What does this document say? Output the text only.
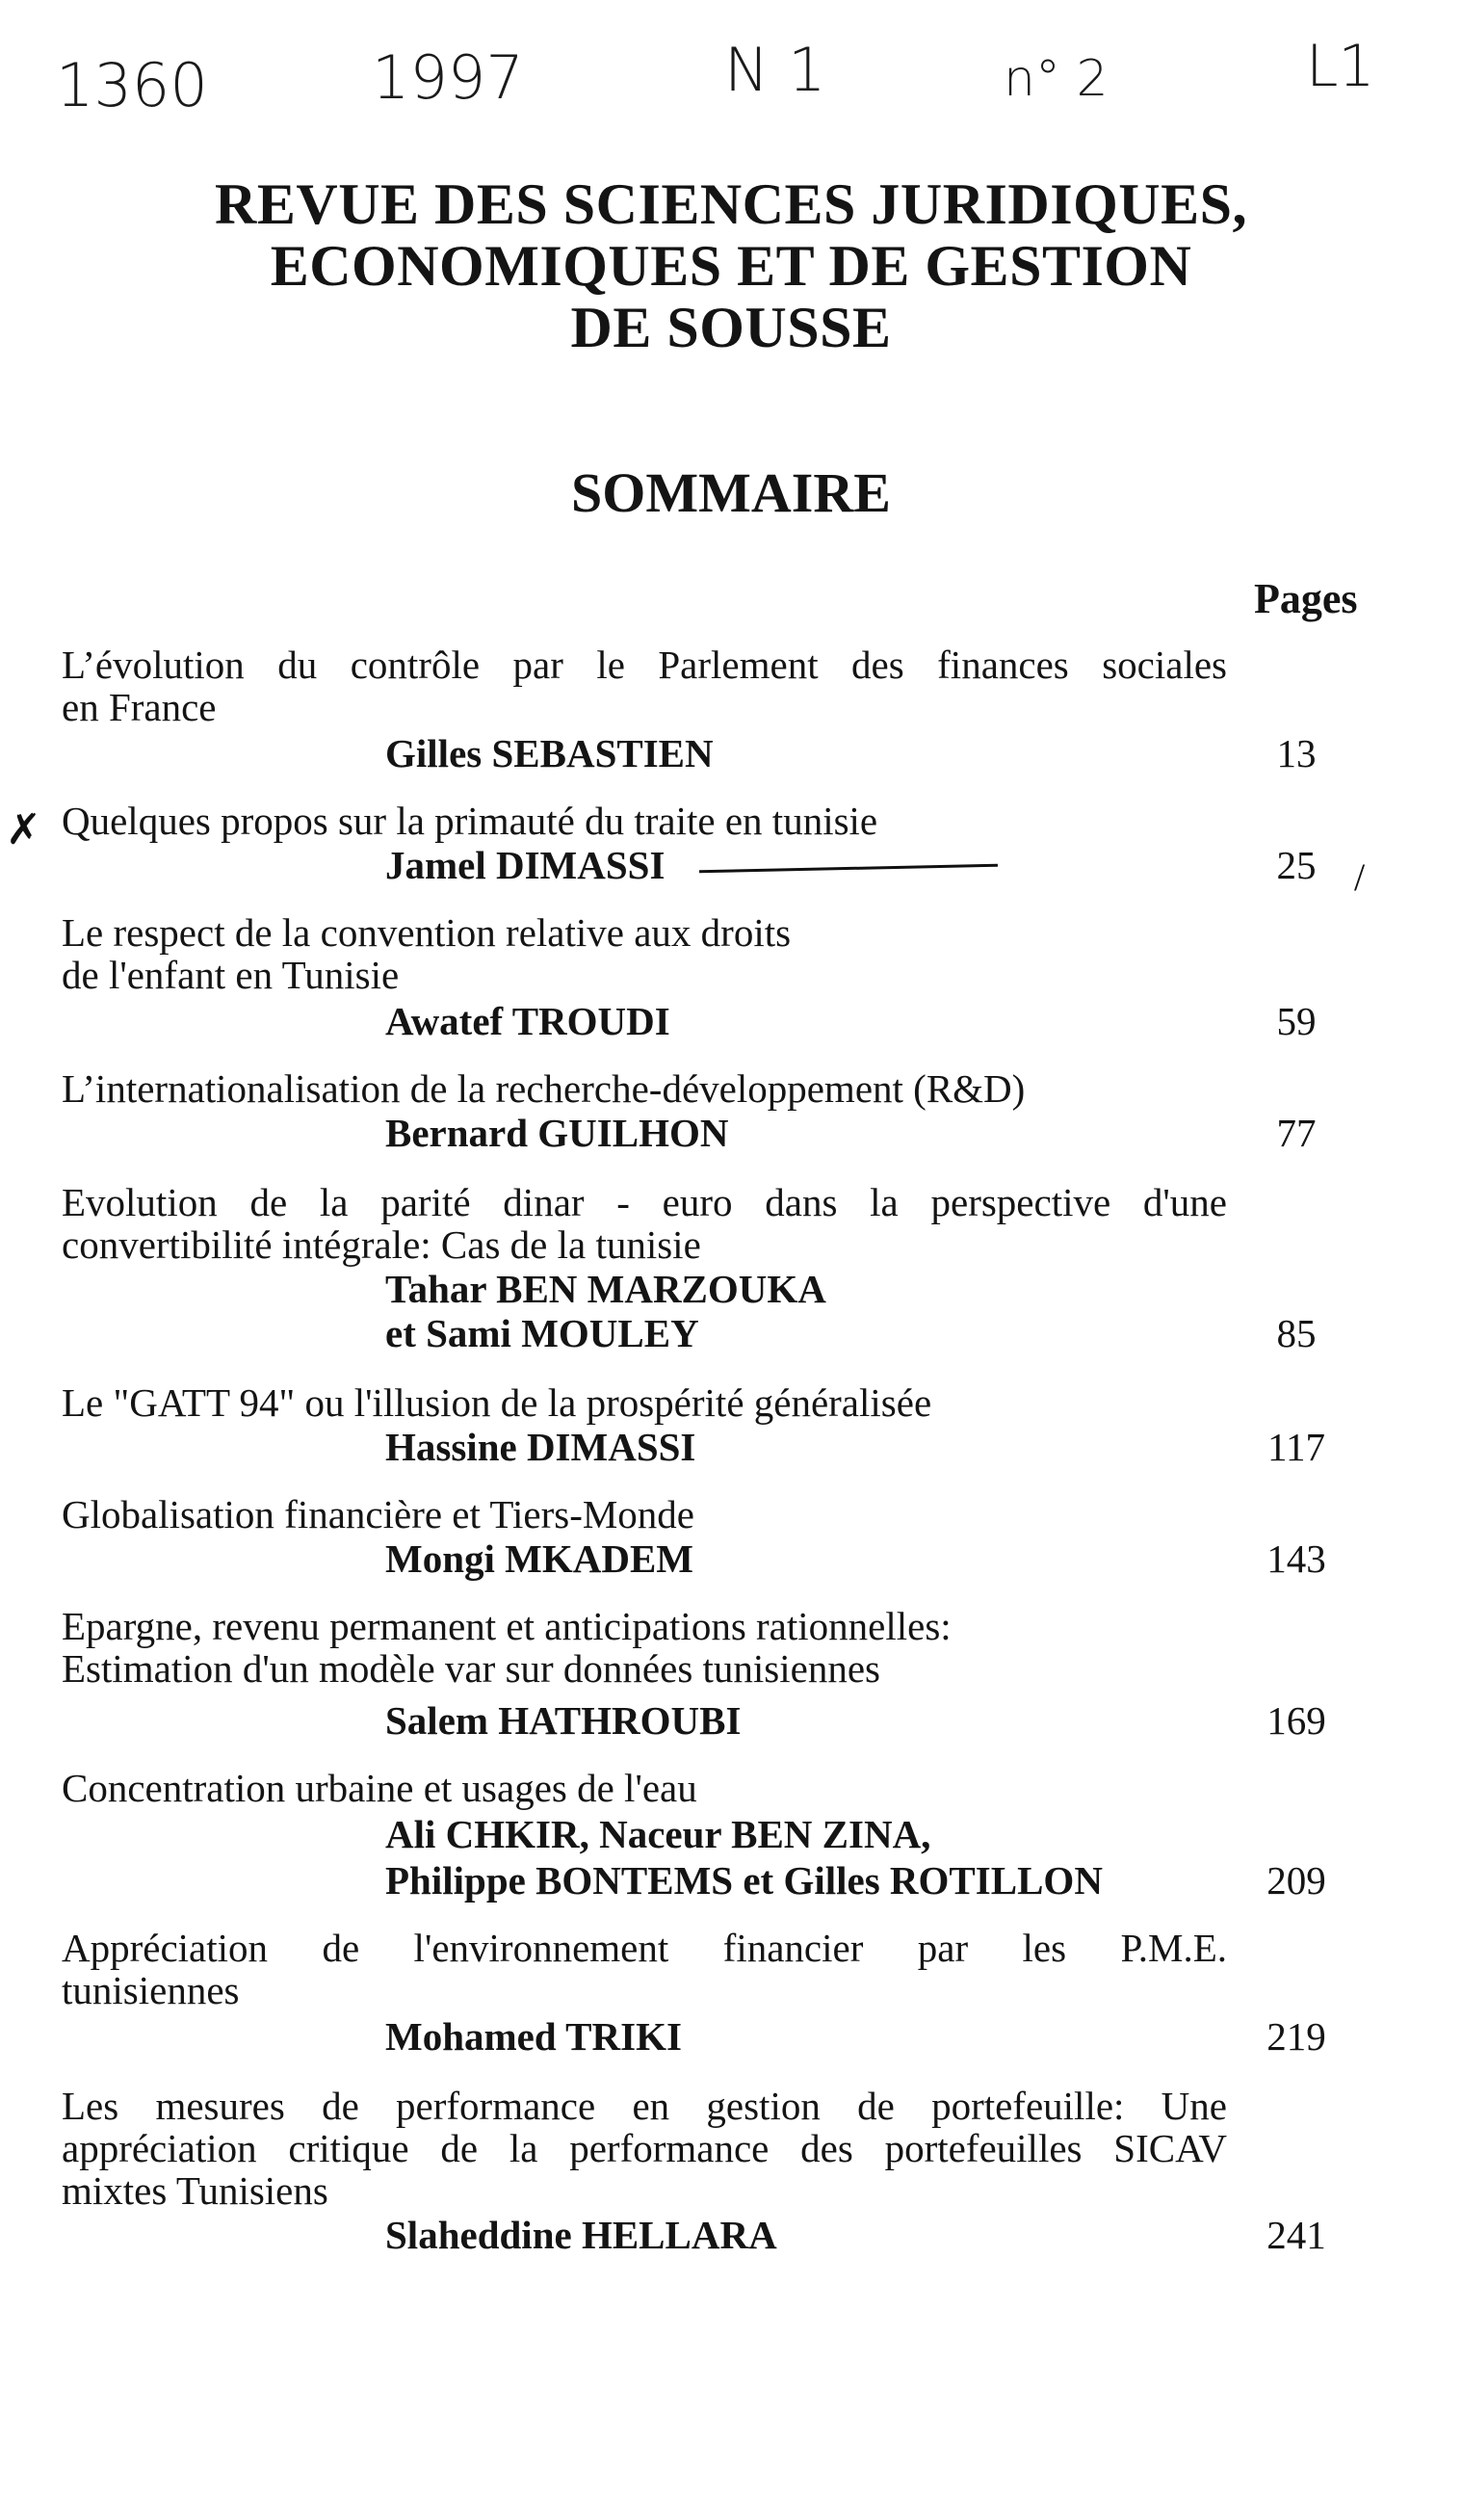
1360	1997	N 1	n° 2	L1
REVUE DES SCIENCES JURIDIQUES,
ECONOMIQUES ET DE GESTION
DE SOUSSE
SOMMAIRE
Pages
L’évolution du contrôle par le Parlement des finances sociales
en France
Gilles SEBASTIEN	13
Quelques propos sur la primauté du traite en tunisie
Jamel DIMASSI	25
Le respect de la convention relative aux droits
de l'enfant en Tunisie
Awatef TROUDI	59
L’internationalisation de la recherche-développement (R&D)
Bernard GUILHON	77
Evolution de la parité dinar - euro dans la perspective d'une
convertibilité intégrale: Cas de la tunisie
Tahar BEN MARZOUKA
et Sami MOULEY	85
Le "GATT 94" ou l'illusion de la prospérité généralisée
Hassine DIMASSI	117
Globalisation financière et Tiers-Monde
Mongi MKADEM	143
Epargne, revenu permanent et anticipations rationnelles:
Estimation d'un modèle var sur données tunisiennes
Salem HATHROUBI	169
Concentration urbaine et usages de l'eau
Ali CHKIR, Naceur BEN ZINA,
Philippe BONTEMS et Gilles ROTILLON	209
Appréciation de l'environnement financier par les P.M.E.
tunisiennes
Mohamed TRIKI	219
Les mesures de performance en gestion de portefeuille: Une
appréciation critique de la performance des portefeuilles SICAV
mixtes Tunisiens
Slaheddine HELLARA	241
✗
/
